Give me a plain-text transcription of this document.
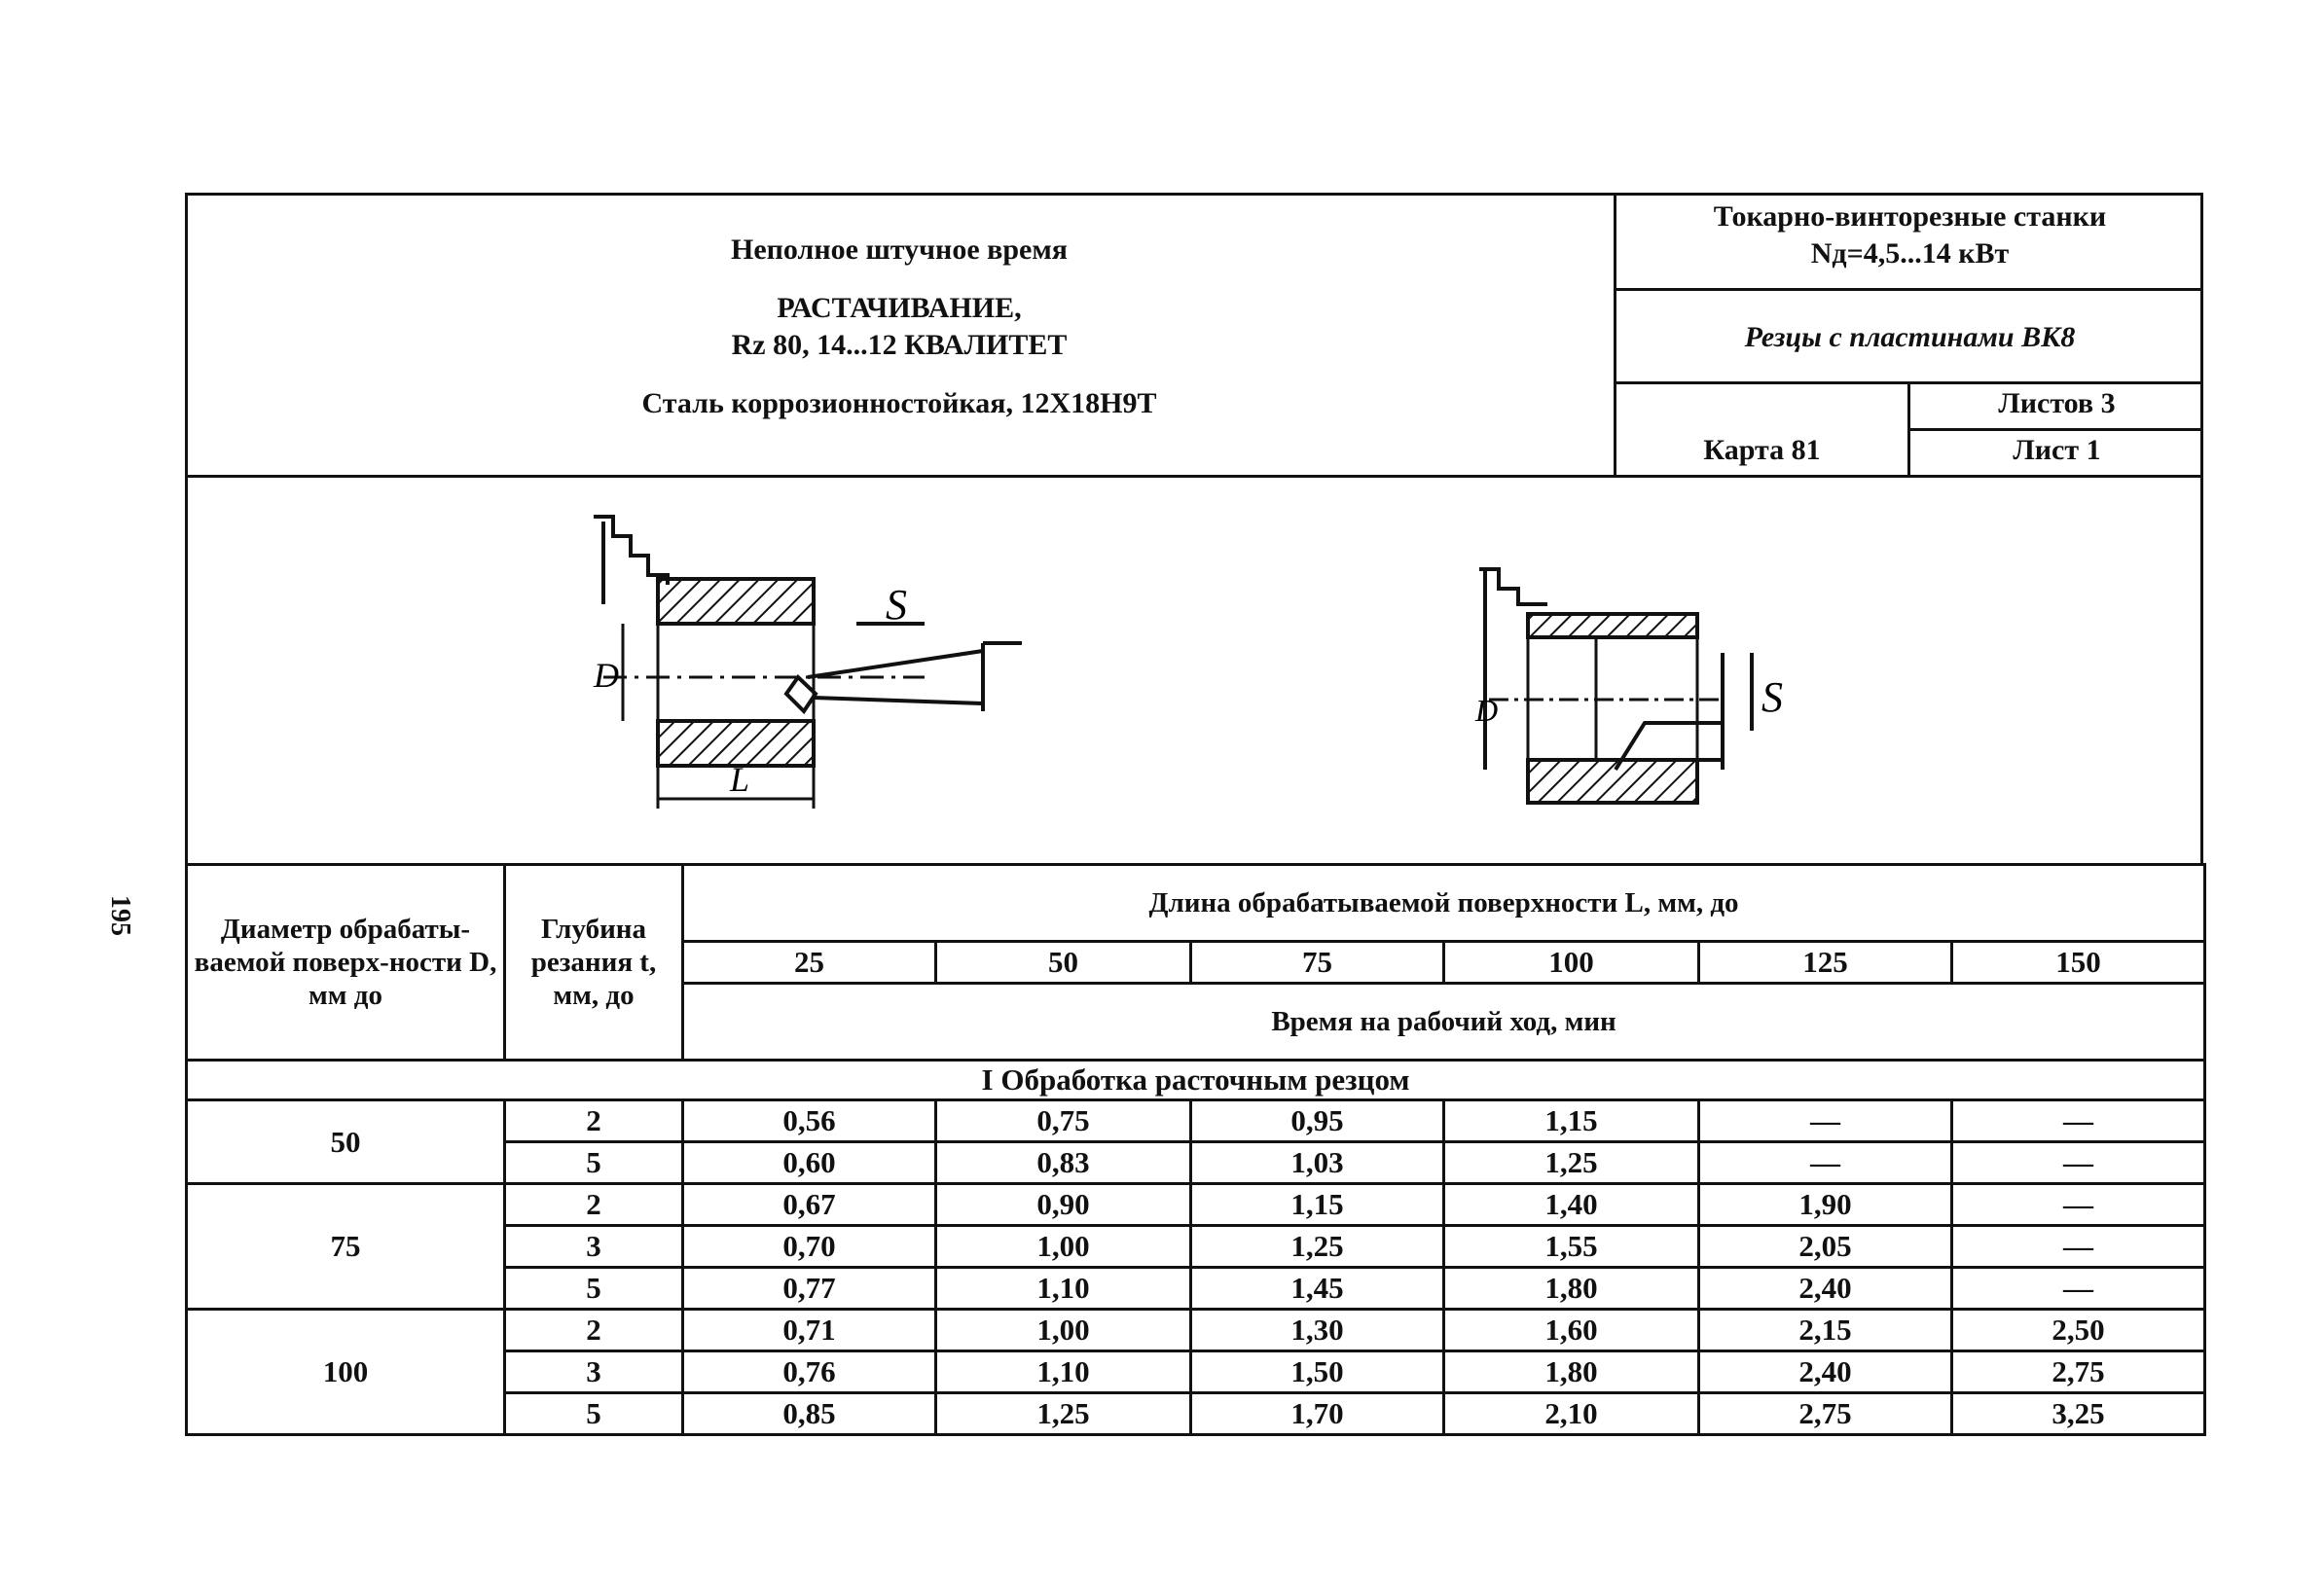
195
Неполное штучное время
РАСТАЧИВАНИЕ,
Rz 80, 14...12 КВАЛИТЕТ
Сталь коррозионностойкая, 12Х18Н9Т
Токарно-винторезные станки
Nд=4,5...14 кВт
Резцы с пластинами ВК8
Карта 81
Листов 3
Лист 1
S
L
D	S
D
Диаметр обрабаты-ваемой поверх-ности D, мм до	Глубина резания t, мм, до	Длина обрабатываемой поверхности L, мм, до					
		25	50	75	100	125	150
		Время на рабочий ход, мин					
I Обработка расточным резцом							
50	2	0,56	0,75	0,95	1,15	—	—
	5	0,60	0,83	1,03	1,25	—	—
75	2	0,67	0,90	1,15	1,40	1,90	—
	3	0,70	1,00	1,25	1,55	2,05	—
	5	0,77	1,10	1,45	1,80	2,40	—
100	2	0,71	1,00	1,30	1,60	2,15	2,50
	3	0,76	1,10	1,50	1,80	2,40	2,75
	5	0,85	1,25	1,70	2,10	2,75	3,25
